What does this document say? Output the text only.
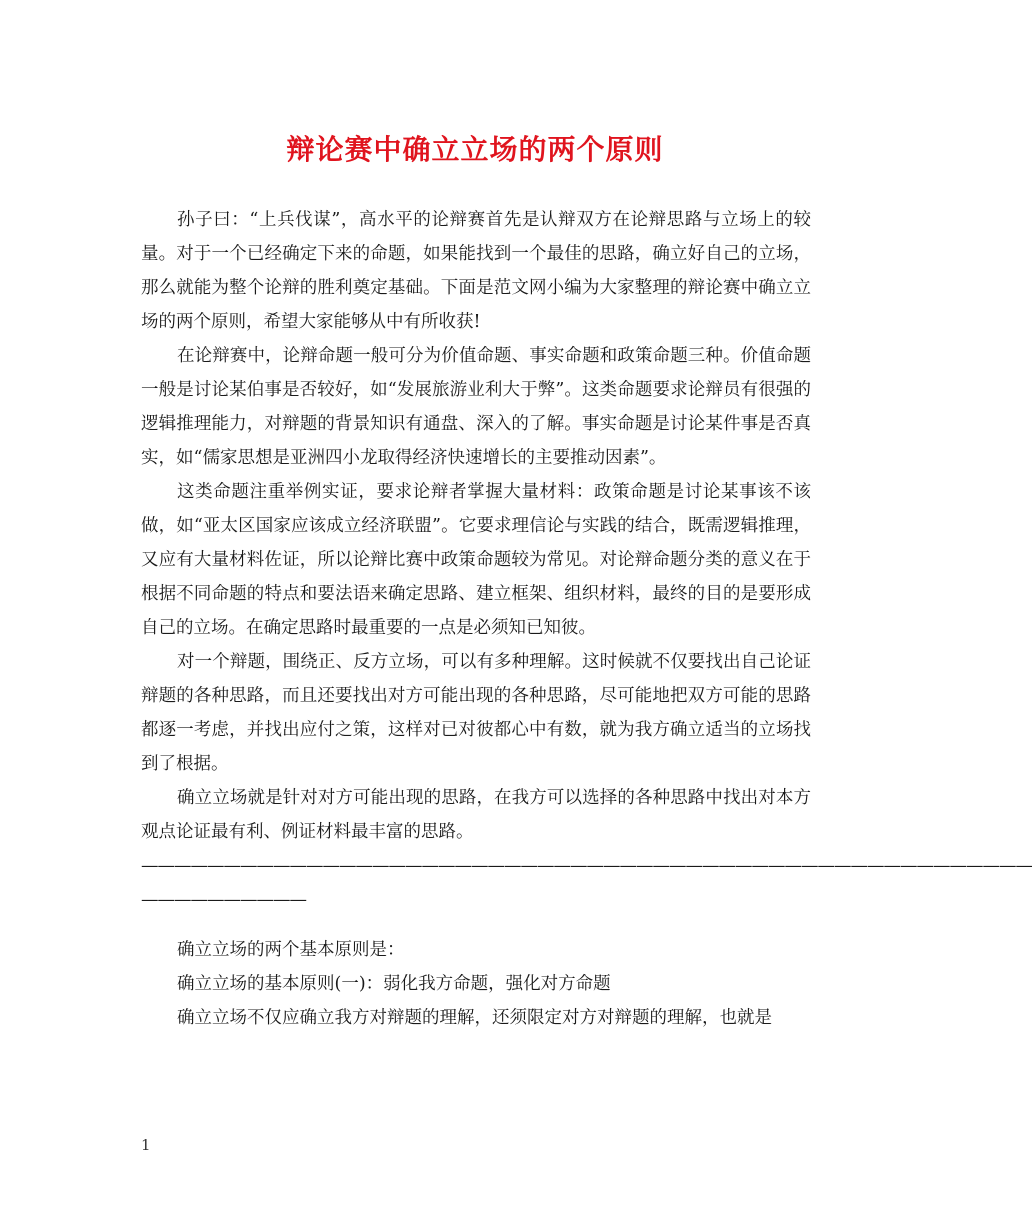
辩论赛中确立立场的两个原则

孙子曰：“上兵伐谋”，高水平的论辩赛首先是认辩双方在论辩思路与立场上的较量。对于一个已经确定下来的命题，如果能找到一个最佳的思路，确立好自己的立场，那么就能为整个论辩的胜利奠定基础。下面是范文网小编为大家整理的辩论赛中确立立场的两个原则，希望大家能够从中有所收获!

在论辩赛中，论辩命题一般可分为价值命题、事实命题和政策命题三种。价值命题一般是讨论某伯事是否较好，如“发展旅游业利大于弊”。这类命题要求论辩员有很强的逻辑推理能力，对辩题的背景知识有通盘、深入的了解。事实命题是讨论某件事是否真实，如“儒家思想是亚洲四小龙取得经济快速增长的主要推动因素”。

这类命题注重举例实证，要求论辩者掌握大量材料：政策命题是讨论某事该不该做，如“亚太区国家应该成立经济联盟”。它要求理信论与实践的结合，既需逻辑推理，又应有大量材料佐证，所以论辩比赛中政策命题较为常见。对论辩命题分类的意义在于根据不同命题的特点和要法语来确定思路、建立框架、组织材料，最终的目的是要形成自己的立场。在确定思路时最重要的一点是必须知已知彼。

对一个辩题，围绕正、反方立场，可以有多种理解。这时候就不仅要找出自己论证辩题的各种思路，而且还要找出对方可能出现的各种思路，尽可能地把双方可能的思路都逐一考虑，并找出应付之策，这样对已对彼都心中有数，就为我方确立适当的立场找到了根据。

确立立场就是针对对方可能出现的思路，在我方可以选择的各种思路中找出对本方观点论证最有利、例证材料最丰富的思路。

——————————————————————————————————————————————————————

——————————

确立立场的两个基本原则是：

确立立场的基本原则(一)：弱化我方命题，强化对方命题

确立立场不仅应确立我方对辩题的理解，还须限定对方对辩题的理解，也就是

1
